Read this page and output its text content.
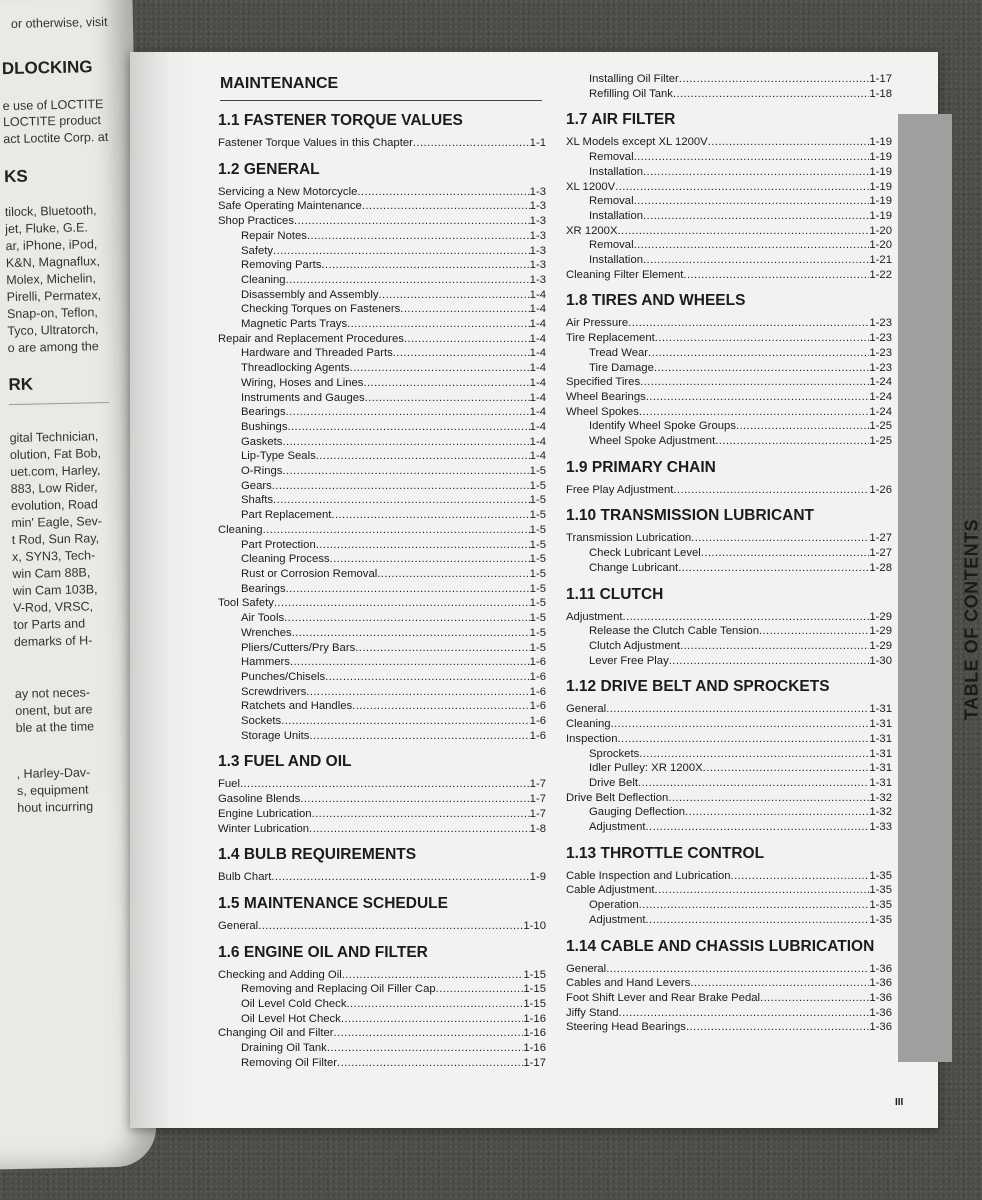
or otherwise, visit
DLOCKING
e use of LOCTITE
LOCTITE product
act Loctite Corp. at
KS
tilock, Bluetooth,
jet, Fluke, G.E.
ar, iPhone, iPod,
K&N, Magnaflux,
Molex, Michelin,
Pirelli, Permatex,
Snap-on, Teflon,
Tyco, Ultratorch,
o are among the
RK
gital Technician,
olution, Fat Bob,
uet.com, Harley,
883, Low Rider,
evolution, Road
min' Eagle, Sev-
t Rod, Sun Ray,
x, SYN3, Tech-
win Cam 88B,
win Cam 103B,
V-Rod, VRSC,
tor Parts and
demarks of H-
ay not neces-
onent, but are
ble at the time
, Harley-Dav-
s, equipment
hout incurring
MAINTENANCE
1.1 FASTENER TORQUE VALUES
Fastener Torque Values in this Chapter .....	1-1
1.2 GENERAL
Servicing a New Motorcycle .....	1-3
Safe Operating Maintenance .....	1-3
Shop Practices .....	1-3
Repair Notes .....	1-3
Safety .....	1-3
Removing Parts .....	1-3
Cleaning .....	1-3
Disassembly and Assembly .....	1-4
Checking Torques on Fasteners .....	1-4
Magnetic Parts Trays .....	1-4
Repair and Replacement Procedures .....	1-4
Hardware and Threaded Parts .....	1-4
Threadlocking Agents .....	1-4
Wiring, Hoses and Lines .....	1-4
Instruments and Gauges .....	1-4
Bearings .....	1-4
Bushings .....	1-4
Gaskets .....	1-4
Lip-Type Seals .....	1-4
O-Rings .....	1-5
Gears .....	1-5
Shafts .....	1-5
Part Replacement .....	1-5
Cleaning .....	1-5
Part Protection .....	1-5
Cleaning Process .....	1-5
Rust or Corrosion Removal .....	1-5
Bearings .....	1-5
Tool Safety .....	1-5
Air Tools .....	1-5
Wrenches .....	1-5
Pliers/Cutters/Pry Bars .....	1-5
Hammers .....	1-6
Punches/Chisels .....	1-6
Screwdrivers .....	1-6
Ratchets and Handles .....	1-6
Sockets .....	1-6
Storage Units .....	1-6
1.3 FUEL AND OIL
Fuel .....	1-7
Gasoline Blends .....	1-7
Engine Lubrication .....	1-7
Winter Lubrication .....	1-8
1.4 BULB REQUIREMENTS
Bulb Chart .....	1-9
1.5 MAINTENANCE SCHEDULE
General .....	1-10
1.6 ENGINE OIL AND FILTER
Checking and Adding Oil .....	1-15
Removing and Replacing Oil Filler Cap .....	1-15
Oil Level Cold Check .....	1-15
Oil Level Hot Check .....	1-16
Changing Oil and Filter .....	1-16
Draining Oil Tank .....	1-16
Removing Oil Filter .....	1-17
Installing Oil Filter .....	1-17
Refilling Oil Tank .....	1-18
1.7 AIR FILTER
XL Models except XL 1200V .....	1-19
Removal .....	1-19
Installation .....	1-19
XL 1200V .....	1-19
Removal .....	1-19
Installation .....	1-19
XR 1200X .....	1-20
Removal .....	1-20
Installation .....	1-21
Cleaning Filter Element .....	1-22
1.8 TIRES AND WHEELS
Air Pressure .....	1-23
Tire Replacement .....	1-23
Tread Wear .....	1-23
Tire Damage .....	1-23
Specified Tires .....	1-24
Wheel Bearings .....	1-24
Wheel Spokes .....	1-24
Identify Wheel Spoke Groups .....	1-25
Wheel Spoke Adjustment .....	1-25
1.9 PRIMARY CHAIN
Free Play Adjustment .....	1-26
1.10 TRANSMISSION LUBRICANT
Transmission Lubrication .....	1-27
Check Lubricant Level .....	1-27
Change Lubricant .....	1-28
1.11 CLUTCH
Adjustment .....	1-29
Release the Clutch Cable Tension .....	1-29
Clutch Adjustment .....	1-29
Lever Free Play .....	1-30
1.12 DRIVE BELT AND SPROCKETS
General .....	1-31
Cleaning .....	1-31
Inspection .....	1-31
Sprockets .....	1-31
Idler Pulley: XR 1200X .....	1-31
Drive Belt .....	1-31
Drive Belt Deflection .....	1-32
Gauging Deflection .....	1-32
Adjustment .....	1-33
1.13 THROTTLE CONTROL
Cable Inspection and Lubrication .....	1-35
Cable Adjustment .....	1-35
Operation .....	1-35
Adjustment .....	1-35
1.14 CABLE AND CHASSIS LUBRICATION
General .....	1-36
Cables and Hand Levers .....	1-36
Foot Shift Lever and Rear Brake Pedal .....	1-36
Jiffy Stand .....	1-36
Steering Head Bearings .....	1-36
TABLE OF CONTENTS
III
